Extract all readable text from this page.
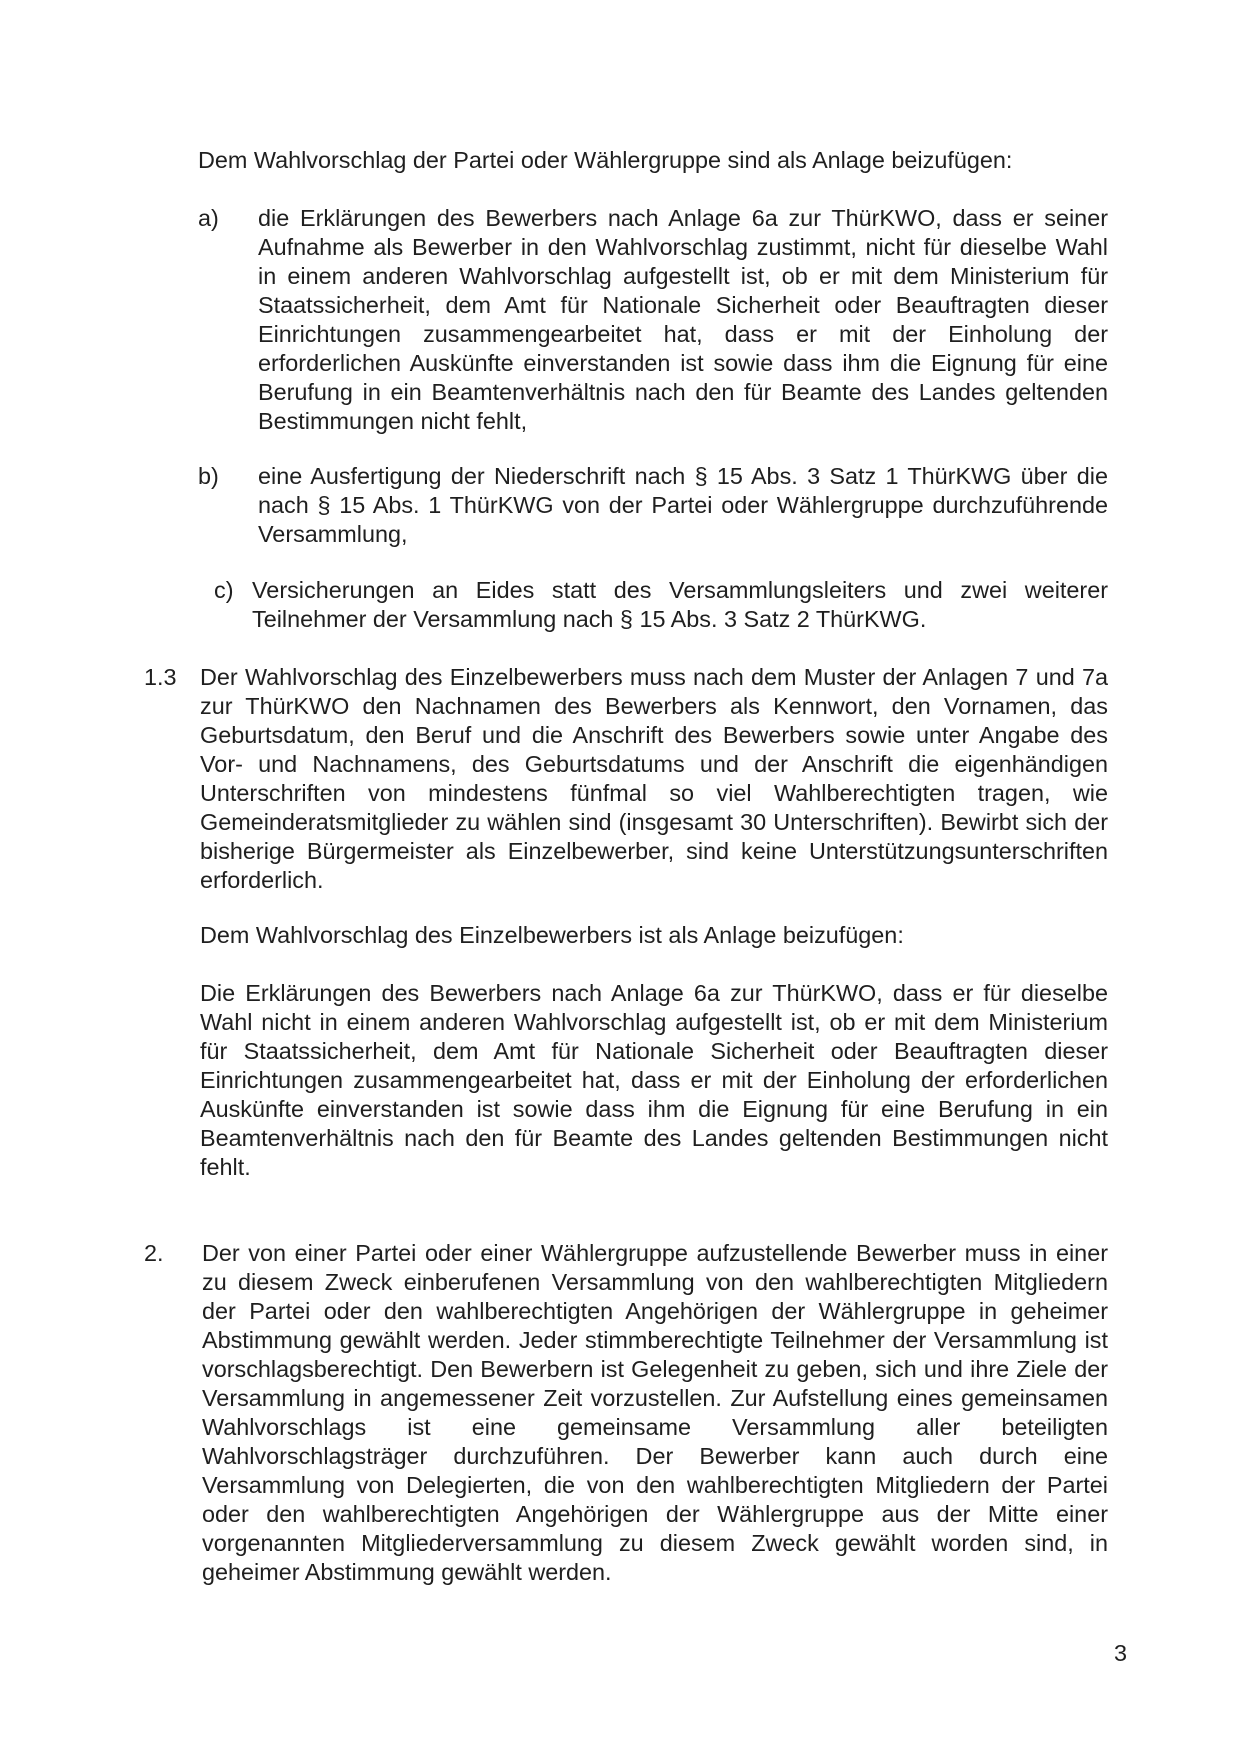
Dem Wahlvorschlag der Partei oder Wählergruppe sind als Anlage beizufügen:
a) die Erklärungen des Bewerbers nach Anlage 6a zur ThürKWO, dass er seiner Aufnahme als Bewerber in den Wahlvorschlag zustimmt, nicht für dieselbe Wahl in einem anderen Wahlvorschlag aufgestellt ist, ob er mit dem Ministerium für Staatssicherheit, dem Amt für Nationale Sicherheit oder Beauftragten dieser Einrichtungen zusammengearbeitet hat, dass er mit der Einholung der erforderlichen Auskünfte einverstanden ist sowie dass ihm die Eignung für eine Berufung in ein Beamtenverhältnis nach den für Beamte des Landes geltenden Bestimmungen nicht fehlt,
b) eine Ausfertigung der Niederschrift nach § 15 Abs. 3 Satz 1 ThürKWG über die nach § 15 Abs. 1 ThürKWG von der Partei oder Wählergruppe durchzuführende Versammlung,
c) Versicherungen an Eides statt des Versammlungsleiters und zwei weiterer Teilnehmer der Versammlung nach § 15 Abs. 3 Satz 2 ThürKWG.
1.3 Der Wahlvorschlag des Einzelbewerbers muss nach dem Muster der Anlagen 7 und 7a zur ThürKWO den Nachnamen des Bewerbers als Kennwort, den Vornamen, das Geburtsdatum, den Beruf und die Anschrift des Bewerbers sowie unter Angabe des Vor- und Nachnamens, des Geburtsdatums und der Anschrift die eigenhändigen Unterschriften von mindestens fünfmal so viel Wahlberechtigten tragen, wie Gemeinderatsmitglieder zu wählen sind (insgesamt 30 Unterschriften). Bewirbt sich der bisherige Bürgermeister als Einzelbewerber, sind keine Unterstützungsunterschriften erforderlich.
Dem Wahlvorschlag des Einzelbewerbers ist als Anlage beizufügen:
Die Erklärungen des Bewerbers nach Anlage 6a zur ThürKWO, dass er für dieselbe Wahl nicht in einem anderen Wahlvorschlag aufgestellt ist, ob er mit dem Ministerium für Staatssicherheit, dem Amt für Nationale Sicherheit oder Beauftragten dieser Einrichtungen zusammengearbeitet hat, dass er mit der Einholung der erforderlichen Auskünfte einverstanden ist sowie dass ihm die Eignung für eine Berufung in ein Beamtenverhältnis nach den für Beamte des Landes geltenden Bestimmungen nicht fehlt.
2. Der von einer Partei oder einer Wählergruppe aufzustellende Bewerber muss in einer zu diesem Zweck einberufenen Versammlung von den wahlberechtigten Mitgliedern der Partei oder den wahlberechtigten Angehörigen der Wählergruppe in geheimer Abstimmung gewählt werden. Jeder stimmberechtigte Teilnehmer der Versammlung ist vorschlagsberechtigt. Den Bewerbern ist Gelegenheit zu geben, sich und ihre Ziele der Versammlung in angemessener Zeit vorzustellen. Zur Aufstellung eines gemeinsamen Wahlvorschlags ist eine gemeinsame Versammlung aller beteiligten Wahlvorschlagsträger durchzuführen. Der Bewerber kann auch durch eine Versammlung von Delegierten, die von den wahlberechtigten Mitgliedern der Partei oder den wahlberechtigten Angehörigen der Wählergruppe aus der Mitte einer vorgenannten Mitgliederversammlung zu diesem Zweck gewählt worden sind, in geheimer Abstimmung gewählt werden.
3
